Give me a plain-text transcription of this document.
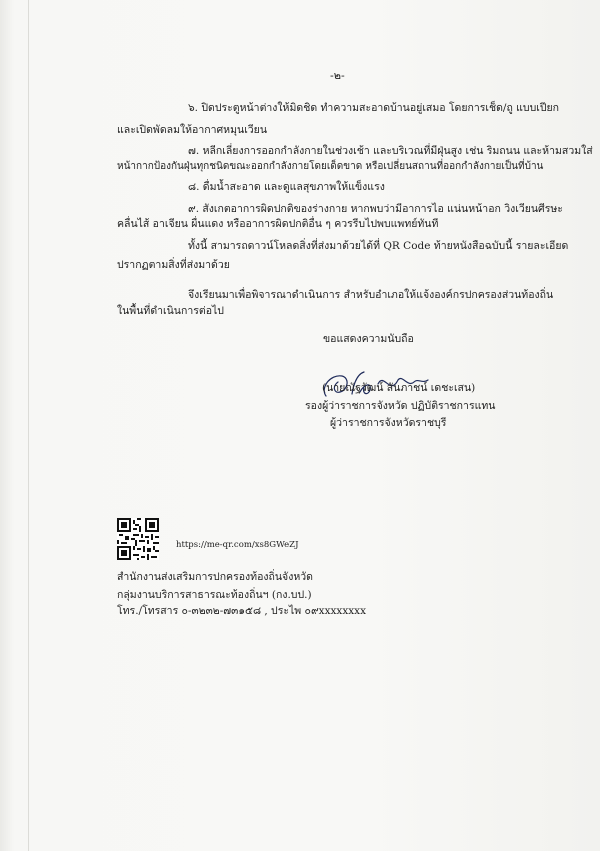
-๒-
๖. ปิดประตูหน้าต่างให้มิดชิด ทำความสะอาดบ้านอยู่เสมอ โดยการเช็ด/ถู แบบเปียก
และเปิดพัดลมให้อากาศหมุนเวียน
๗. หลีกเลี่ยงการออกกำลังกายในช่วงเช้า และบริเวณที่มีฝุ่นสูง เช่น ริมถนน และห้ามสวมใส่
หน้ากากป้องกันฝุ่นทุกชนิดขณะออกกำลังกายโดยเด็ดขาด หรือเปลี่ยนสถานที่ออกกำลังกายเป็นที่บ้าน
๘. ดื่มน้ำสะอาด และดูแลสุขภาพให้แข็งแรง
๙. สังเกตอาการผิดปกติของร่างกาย หากพบว่ามีอาการไอ แน่นหน้าอก วิงเวียนศีรษะ
คลื่นไส้ อาเจียน ผื่นแดง หรืออาการผิดปกติอื่น ๆ ควรรีบไปพบแพทย์ทันที
ทั้งนี้ สามารถดาวน์โหลดสิ่งที่ส่งมาด้วยได้ที่ QR Code ท้ายหนังสือฉบับนี้ รายละเอียด
ปรากฏตามสิ่งที่ส่งมาด้วย
จึงเรียนมาเพื่อพิจารณาดำเนินการ สำหรับอำเภอให้แจ้งองค์กรปกครองส่วนท้องถิ่น
ในพื้นที่ดำเนินการต่อไป
ขอแสดงความนับถือ
(นายณัฐวัฒน์ สันภาชน์ เดชะเสน)
รองผู้ว่าราชการจังหวัด ปฏิบัติราชการแทน
ผู้ว่าราชการจังหวัดราชบุรี
https://me-qr.com/xs8GWeZJ
สำนักงานส่งเสริมการปกครองท้องถิ่นจังหวัด
กลุ่มงานบริการสาธารณะท้องถิ่นฯ (กง.บป.)
โทร./โทรสาร ๐-๓๒๓๒-๗๓๑๕๘ , ประไพ ๐๙xxxxxxxx
